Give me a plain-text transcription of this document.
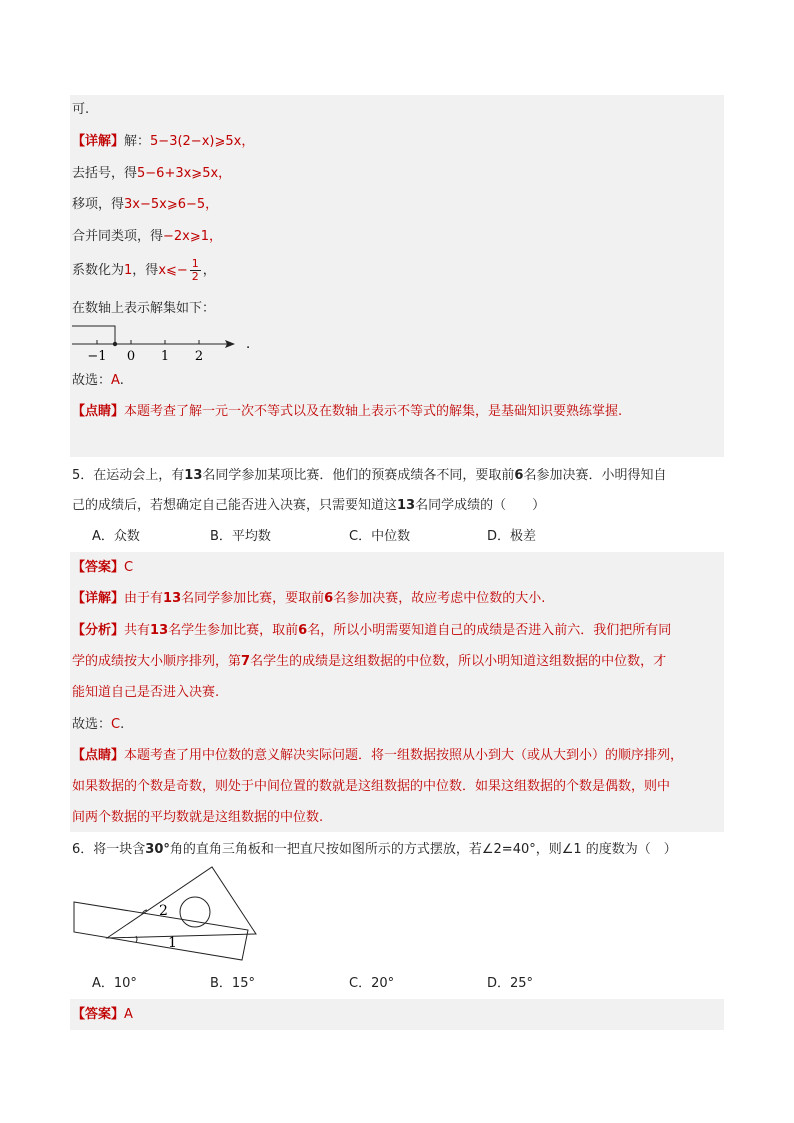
可.
【详解】解：5−3(2−x)⩾5x，
去括号，得5−6+3x⩾5x，
移项，得3x−5x⩾6−5，
合并同类项，得−2x⩾1，
系数化为1，得x⩽− $\frac{1}{2}$ ，
在数轴上表示解集如下：
−1 0 1 2
.
故选：A.
【点睛】本题考查了解一元一次不等式以及在数轴上表示不等式的解集，是基础知识要熟练掌握.
5．在运动会上，有13名同学参加某项比赛．他们的预赛成绩各不同，要取前6名参加决赛．小明得知自
己的成绩后，若想确定自己能否进入决赛，只需要知道这13名同学成绩的（　　）
A．众数	B．平均数	C．中位数	D．极差
【答案】C
【详解】由于有13名同学参加比赛，要取前6名参加决赛，故应考虑中位数的大小.
【分析】共有13名学生参加比赛，取前6名，所以小明需要知道自己的成绩是否进入前六．我们把所有同
学的成绩按大小顺序排列，第7名学生的成绩是这组数据的中位数，所以小明知道这组数据的中位数，才
能知道自己是否进入决赛.
故选：C.
【点睛】本题考查了用中位数的意义解决实际问题．将一组数据按照从小到大（或从大到小）的顺序排列，
如果数据的个数是奇数，则处于中间位置的数就是这组数据的中位数．如果这组数据的个数是偶数，则中
间两个数据的平均数就是这组数据的中位数.
6．将一块含30°角的直角三角板和一把直尺按如图所示的方式摆放，若∠2=40°，则∠1 的度数为（　）
2
1
A．10°	B．15°	C．20°	D．25°
【答案】A
